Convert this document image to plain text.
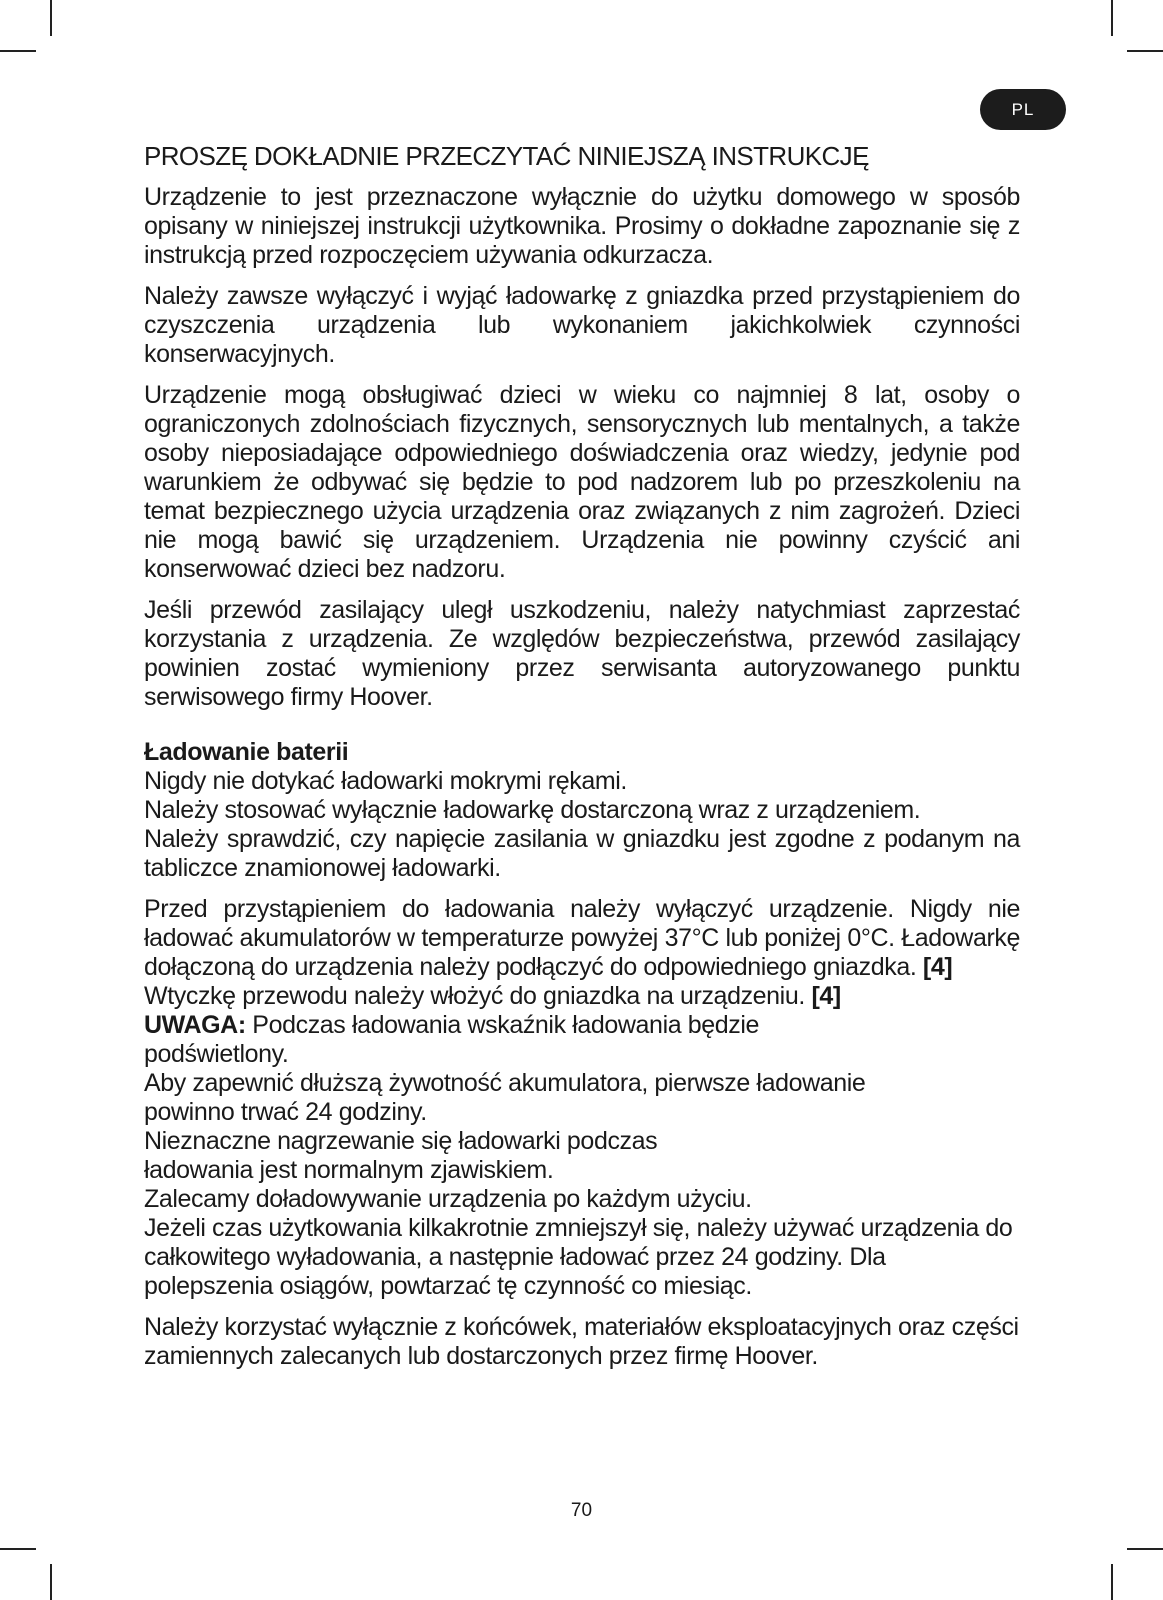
PL
PROSZĘ DOKŁADNIE PRZECZYTAĆ NINIEJSZĄ INSTRUKCJĘ

Urządzenie to jest przeznaczone wyłącznie do użytku domowego w sposób opisany w niniejszej instrukcji użytkownika. Prosimy o dokładne zapoznanie się z instrukcją przed rozpoczęciem używania odkurzacza.

Należy zawsze wyłączyć i wyjąć ładowarkę z gniazdka przed przystąpieniem do czyszczenia urządzenia lub wykonaniem jakichkolwiek czynności konserwacyjnych.

Urządzenie mogą obsługiwać dzieci w wieku co najmniej 8 lat, osoby o ograniczonych zdolnościach fizycznych, sensorycznych lub mentalnych, a także osoby nieposiadające odpowiedniego doświadczenia oraz wiedzy, jedynie pod warunkiem że odbywać się będzie to pod nadzorem lub po przeszkoleniu na temat bezpiecznego użycia urządzenia oraz związanych z nim zagrożeń. Dzieci nie mogą bawić się urządzeniem. Urządzenia nie powinny czyścić ani konserwować dzieci bez nadzoru.

Jeśli przewód zasilający uległ uszkodzeniu, należy natychmiast zaprzestać korzystania z urządzenia. Ze względów bezpieczeństwa, przewód zasilający powinien zostać wymieniony przez serwisanta autoryzowanego punktu serwisowego firmy Hoover.

Ładowanie baterii

Nigdy nie dotykać ładowarki mokrymi rękami.

Należy stosować wyłącznie ładowarkę dostarczoną wraz z urządzeniem.

Należy sprawdzić, czy napięcie zasilania w gniazdku jest zgodne z podanym na tabliczce znamionowej ładowarki.

Przed przystąpieniem do ładowania należy wyłączyć urządzenie. Nigdy nie ładować akumulatorów w temperaturze powyżej 37°C lub poniżej 0°C. Ładowarkę dołączoną do urządzenia należy podłączyć do odpowiedniego gniazdka. [4]

Wtyczkę przewodu należy włożyć do gniazdka na urządzeniu. [4]

UWAGA: Podczas ładowania wskaźnik ładowania będzie

podświetlony.

Aby zapewnić dłuższą żywotność akumulatora, pierwsze ładowanie

powinno trwać 24 godziny.

Nieznaczne nagrzewanie się ładowarki podczas

ładowania jest normalnym zjawiskiem.

Zalecamy doładowywanie urządzenia po każdym użyciu.

Jeżeli czas użytkowania kilkakrotnie zmniejszył się, należy używać urządzenia do całkowitego wyładowania, a następnie ładować przez 24 godziny. Dla polepszenia osiągów, powtarzać tę czynność co miesiąc.

Należy korzystać wyłącznie z końcówek, materiałów eksploatacyjnych oraz części zamiennych zalecanych lub dostarczonych przez firmę Hoover.

70
